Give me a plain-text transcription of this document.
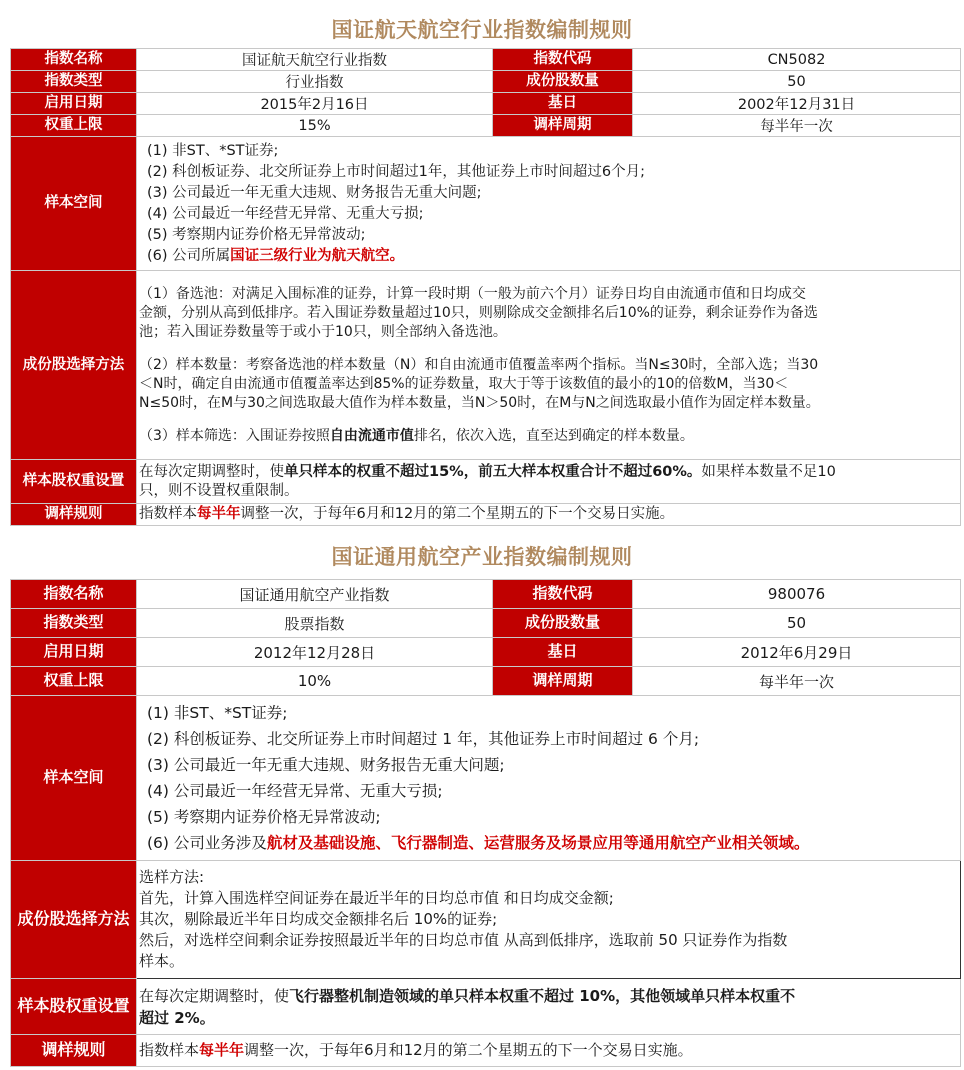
国证航天航空行业指数编制规则
指数名称	国证航天航空行业指数	指数代码	CN5082
指数类型	行业指数	成份股数量	50
启用日期	2015年2月16日	基日	2002年12月31日
权重上限	15%	调样周期	每半年一次
样本空间	
(1) 非ST、*ST证券;
(2) 科创板证券、北交所证券上市时间超过1年，其他证券上市时间超过6个月;
(3) 公司最近一年无重大违规、财务报告无重大问题;
(4) 公司最近一年经营无异常、无重大亏损;
(5) 考察期内证券价格无异常波动;
(6) 公司所属国证三级行业为航天航空。

成份股选择方法	
（1）备选池：对满足入围标准的证券，计算一段时期（一般为前六个月）证券日均自由流通市值和日均成交
金额，分别从高到低排序。若入围证券数量超过10只，则剔除成交金额排名后10%的证券，剩余证券作为备选
池；若入围证券数量等于或小于10只，则全部纳入备选池。
（2）样本数量：考察备选池的样本数量（N）和自由流通市值覆盖率两个指标。当N≤30时，全部入选；当30
＜N时，确定自由流通市值覆盖率达到85%的证券数量，取大于等于该数值的最小的10的倍数M，当30＜
N≤50时，在M与30之间选取最大值作为样本数量，当N＞50时，在M与N之间选取最小值作为固定样本数量。
（3）样本筛选：入围证券按照自由流通市值排名，依次入选，直至达到确定的样本数量。

样本股权重设置	在每次定期调整时，使单只样本的权重不超过15%，前五大样本权重合计不超过60%。如果样本数量不足10
只，则不设置权重限制。		

调样规则	指数样本每半年调整一次，于每年6月和12月的第二个星期五的下一个交易日实施。		
国证通用航空产业指数编制规则
指数名称	国证通用航空产业指数	指数代码	980076
指数类型	股票指数	成份股数量	50
启用日期	2012年12月28日	基日	2012年6月29日
权重上限	10%	调样周期	每半年一次
样本空间	
(1) 非ST、*ST证券;
(2) 科创板证券、北交所证券上市时间超过 1 年，其他证券上市时间超过 6 个月;
(3) 公司最近一年无重大违规、财务报告无重大问题;
(4) 公司最近一年经营无异常、无重大亏损;
(5) 考察期内证券价格无异常波动;
(6) 公司业务涉及航材及基础设施、飞行器制造、运营服务及场景应用等通用航空产业相关领域。

成份股选择方法	选样方法:
首先，计算入围选样空间证券在最近半年的日均总市值 和日均成交金额;
其次，剔除最近半年日均成交金额排名后 10%的证券;
然后，对选样空间剩余证券按照最近半年的日均总市值 从高到低排序，选取前 50 只证券作为指数
样本。		

样本股权重设置	在每次定期调整时，使飞行器整机制造领域的单只样本权重不超过 10%，其他领域单只样本权重不
超过 2%。		

调样规则	指数样本每半年调整一次，于每年6月和12月的第二个星期五的下一个交易日实施。		
